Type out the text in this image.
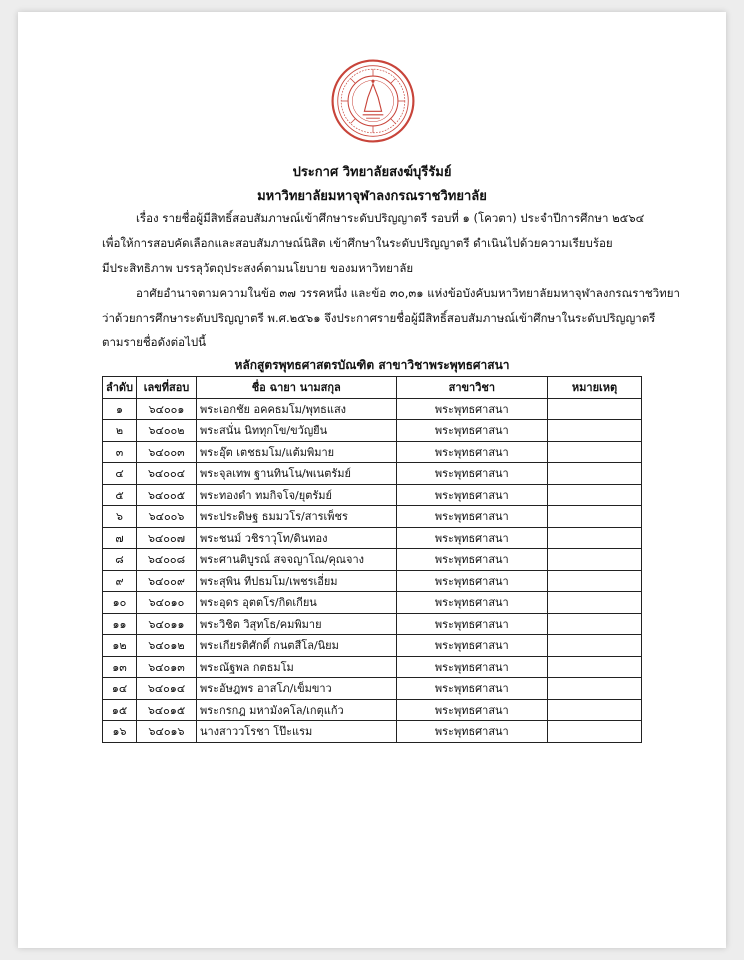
ประกาศ วิทยาลัยสงฆ์บุรีรัมย์
มหาวิทยาลัยมหาจุฬาลงกรณราชวิทยาลัย
เรื่อง รายชื่อผู้มีสิทธิ์สอบสัมภาษณ์เข้าศึกษาระดับปริญญาตรี รอบที่ ๑ (โควตา) ประจำปีการศึกษา ๒๕๖๔
เพื่อให้การสอบคัดเลือกและสอบสัมภาษณ์นิสิต เข้าศึกษาในระดับปริญญาตรี ดำเนินไปด้วยความเรียบร้อย
มีประสิทธิภาพ บรรลุวัตถุประสงค์ตามนโยบาย ของมหาวิทยาลัย
อาศัยอำนาจตามความในข้อ ๓๗ วรรคหนึ่ง และข้อ ๓๐,๓๑ แห่งข้อบังคับมหาวิทยาลัยมหาจุฬาลงกรณราชวิทยา
ว่าด้วยการศึกษาระดับปริญญาตรี พ.ศ.๒๕๖๑ จึงประกาศรายชื่อผู้มีสิทธิ์สอบสัมภาษณ์เข้าศึกษาในระดับปริญญาตรี
ตามรายชื่อดังต่อไปนี้
หลักสูตรพุทธศาสตรบัณฑิต สาขาวิชาพระพุทธศาสนา
ลำดับ	เลขที่สอบ	ชื่อ ฉายา นามสกุล	สาขาวิชา	หมายเหตุ
๑	๖๔๐๐๑	พระเอกชัย อคคธมโม/พุทธแสง	พระพุทธศาสนา	
๒	๖๔๐๐๒	พระสนั่น นิททุกโข/ขวัญยืน	พระพุทธศาสนา	
๓	๖๔๐๐๓	พระอุ๊ต เตชธมโม/แต้มพิมาย	พระพุทธศาสนา	
๔	๖๔๐๐๔	พระจุลเทพ ฐานทินโน/พเนตรัมย์	พระพุทธศาสนา	
๕	๖๔๐๐๕	พระทองดำ ทมกิจโจ/ยุตรัมย์	พระพุทธศาสนา	
๖	๖๔๐๐๖	พระประดิษฐ ธมมวโร/สารเพ็ชร	พระพุทธศาสนา	
๗	๖๔๐๐๗	พระชนม์ วชิราวุโท/ดินทอง	พระพุทธศาสนา	
๘	๖๔๐๐๘	พระศานติบูรณ์ สจจญาโณ/คุณจาง	พระพุทธศาสนา	
๙	๖๔๐๐๙	พระสุพิน ทีปธมโม/เพชรเอี่ยม	พระพุทธศาสนา	
๑๐	๖๔๐๑๐	พระอุดร อุตตโร/กิดเกียน	พระพุทธศาสนา	
๑๑	๖๔๐๑๑	พระวิชิต วิสุทโธ/คมพิมาย	พระพุทธศาสนา	
๑๒	๖๔๐๑๒	พระเกียรติศักดิ์ กนตสีโล/นิยม	พระพุทธศาสนา	
๑๓	๖๔๐๑๓	พระณัฐพล กตธมโม	พระพุทธศาสนา	
๑๔	๖๔๐๑๔	พระอัษฎพร อาสโภ/เข็มขาว	พระพุทธศาสนา	
๑๕	๖๔๐๑๕	พระกรกฎ มหามังคโล/เกตุแก้ว	พระพุทธศาสนา	
๑๖	๖๔๐๑๖	นางสาววโรชา โป๊ะแรม	พระพุทธศาสนา	
